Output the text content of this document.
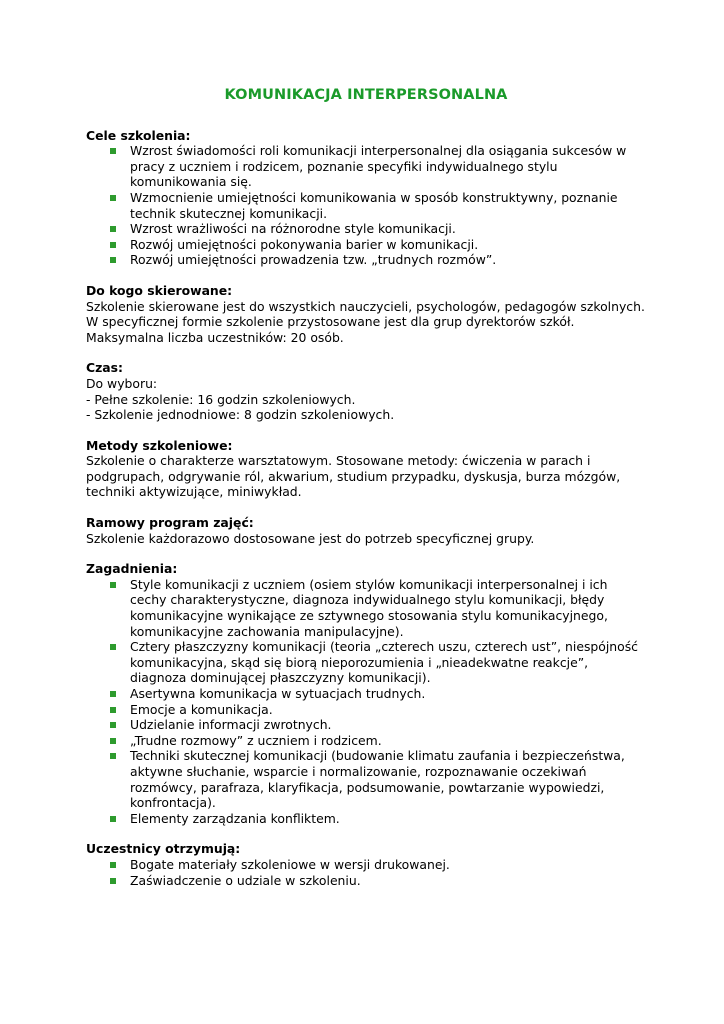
KOMUNIKACJA INTERPERSONALNA
Cele szkolenia:
Wzrost świadomości roli komunikacji interpersonalnej dla osiągania sukcesów w pracy z uczniem i rodzicem, poznanie specyfiki indywidualnego stylu komunikowania się.
Wzmocnienie umiejętności komunikowania w sposób konstruktywny, poznanie technik skutecznej komunikacji.
Wzrost wrażliwości na różnorodne style komunikacji.
Rozwój umiejętności pokonywania barier w komunikacji.
Rozwój umiejętności prowadzenia tzw. „trudnych rozmów”.
Do kogo skierowane:
Szkolenie skierowane jest do wszystkich nauczycieli, psychologów, pedagogów szkolnych.
W specyficznej formie szkolenie przystosowane jest dla grup dyrektorów szkół.
Maksymalna liczba uczestników: 20 osób.
Czas:
Do wyboru:
- Pełne szkolenie: 16 godzin szkoleniowych.
- Szkolenie jednodniowe: 8 godzin szkoleniowych.
Metody szkoleniowe:
Szkolenie o charakterze warsztatowym. Stosowane metody: ćwiczenia w parach i podgrupach, odgrywanie ról, akwarium, studium przypadku, dyskusja, burza mózgów, techniki aktywizujące, miniwykład.
Ramowy program zajęć:
Szkolenie każdorazowo dostosowane jest do potrzeb specyficznej grupy.
Zagadnienia:
Style komunikacji z uczniem (osiem stylów komunikacji interpersonalnej i ich cechy charakterystyczne, diagnoza indywidualnego stylu komunikacji, błędy komunikacyjne wynikające ze sztywnego stosowania stylu komunikacyjnego, komunikacyjne zachowania manipulacyjne).
Cztery płaszczyzny komunikacji (teoria „czterech uszu, czterech ust”, niespójność komunikacyjna, skąd się biorą nieporozumienia i „nieadekwatne reakcje”, diagnoza dominującej płaszczyzny komunikacji).
Asertywna komunikacja w sytuacjach trudnych.
Emocje a komunikacja.
Udzielanie informacji zwrotnych.
„Trudne rozmowy” z uczniem i rodzicem.
Techniki skutecznej komunikacji (budowanie klimatu zaufania i bezpieczeństwa, aktywne słuchanie, wsparcie i normalizowanie, rozpoznawanie oczekiwań rozmówcy, parafraza, klaryfikacja, podsumowanie, powtarzanie wypowiedzi, konfrontacja).
Elementy zarządzania konfliktem.
Uczestnicy otrzymują:
Bogate materiały szkoleniowe w wersji drukowanej.
Zaświadczenie o udziale w szkoleniu.
